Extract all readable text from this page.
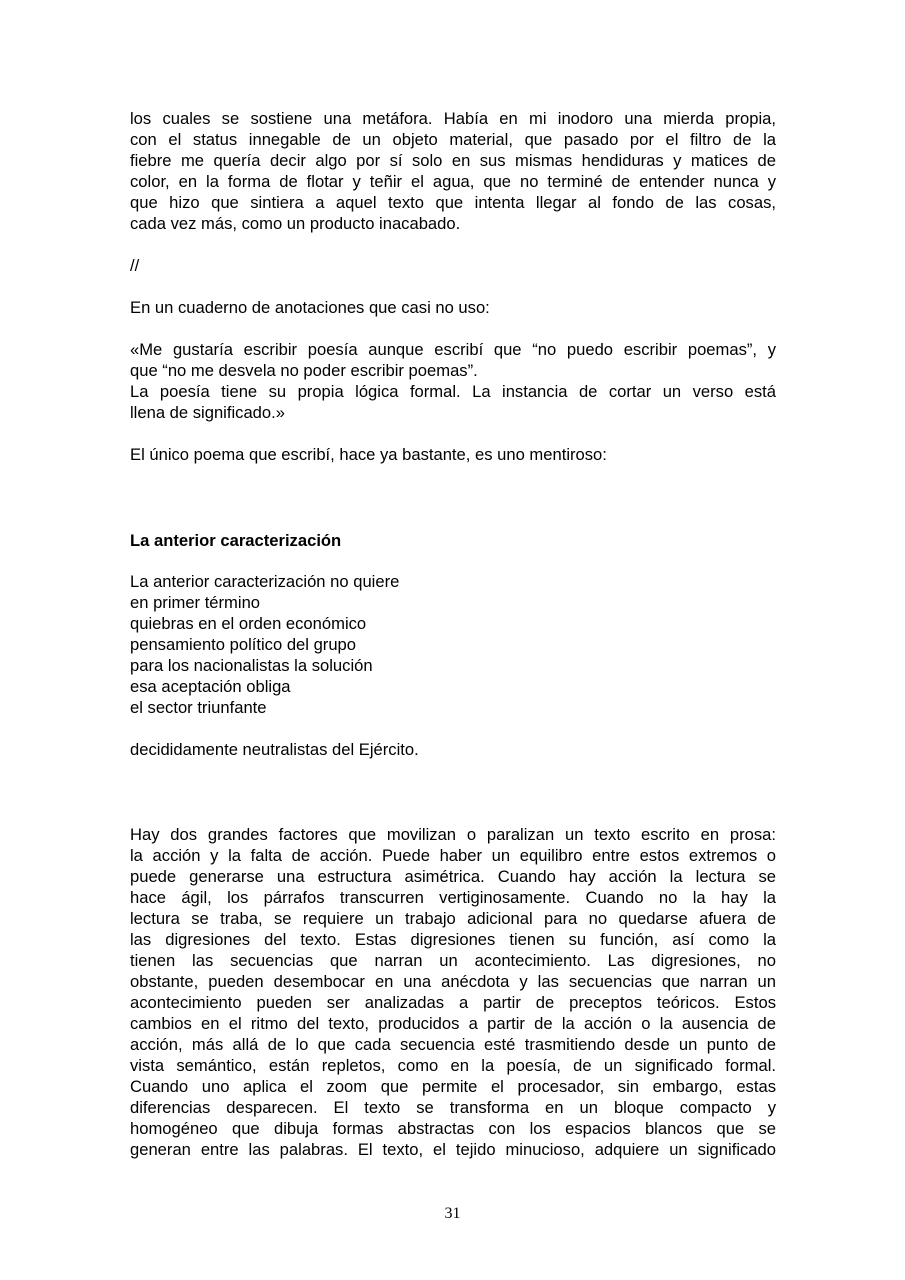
los cuales se sostiene una metáfora. Había en mi inodoro una mierda propia,
con el status innegable de un objeto material, que pasado por el filtro de la
fiebre me quería decir algo por sí solo en sus mismas hendiduras y matices de
color, en la forma de flotar y teñir el agua, que no terminé de entender nunca y
que hizo que sintiera a aquel texto que intenta llegar al fondo de las cosas,
cada vez más, como un producto inacabado.
//
En un cuaderno de anotaciones que casi no uso:
«Me gustaría escribir poesía aunque escribí que “no puedo escribir poemas”, y
que “no me desvela no poder escribir poemas”.
La poesía tiene su propia lógica formal. La instancia de cortar un verso está
llena de significado.»
El único poema que escribí, hace ya bastante, es uno mentiroso:
La anterior caracterización
La anterior caracterización no quiere
en primer término
quiebras en el orden económico
pensamiento político del grupo
para los nacionalistas la solución
esa aceptación obliga
el sector triunfante
decididamente neutralistas del Ejército.
Hay dos grandes factores que movilizan o paralizan un texto escrito en prosa:
la acción y la falta de acción. Puede haber un equilibro entre estos extremos o
puede generarse una estructura asimétrica. Cuando hay acción la lectura se
hace ágil, los párrafos transcurren vertiginosamente. Cuando no la hay la
lectura se traba, se requiere un trabajo adicional para no quedarse afuera de
las digresiones del texto. Estas digresiones tienen su función, así como la
tienen las secuencias que narran un acontecimiento. Las digresiones, no
obstante, pueden desembocar en una anécdota y las secuencias que narran un
acontecimiento pueden ser analizadas a partir de preceptos teóricos. Estos
cambios en el ritmo del texto, producidos a partir de la acción o la ausencia de
acción, más allá de lo que cada secuencia esté trasmitiendo desde un punto de
vista semántico, están repletos, como en la poesía, de un significado formal.
Cuando uno aplica el zoom que permite el procesador, sin embargo, estas
diferencias desparecen. El texto se transforma en un bloque compacto y
homogéneo que dibuja formas abstractas con los espacios blancos que se
generan entre las palabras. El texto, el tejido minucioso, adquiere un significado
31
